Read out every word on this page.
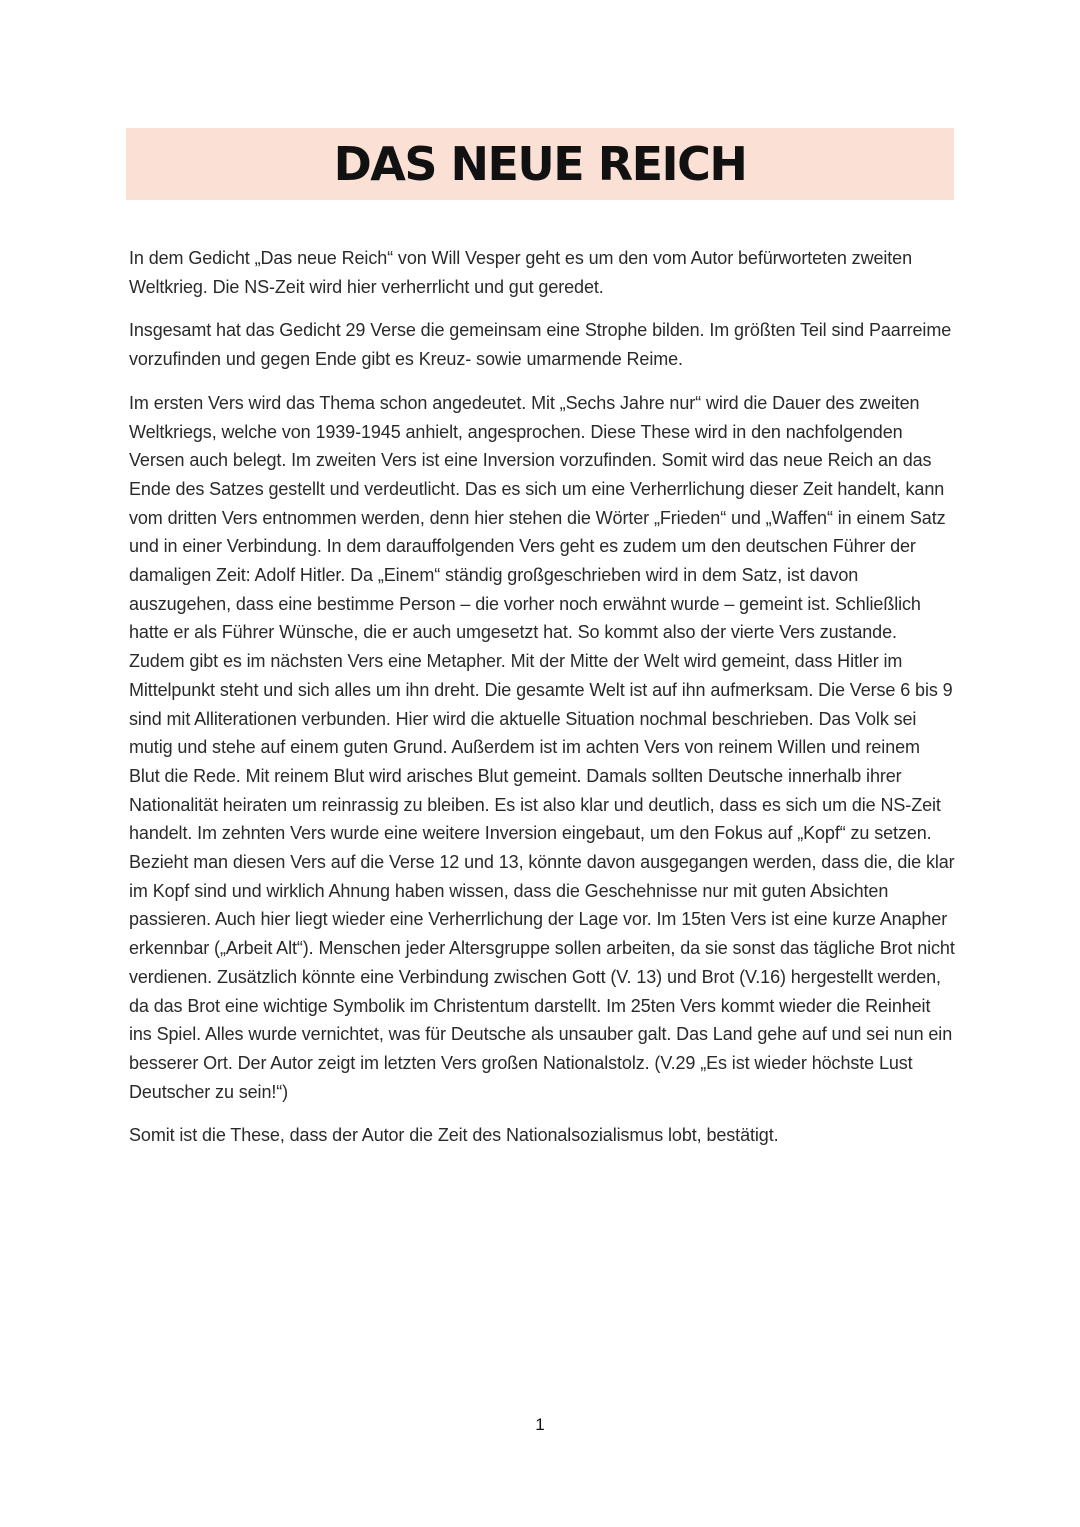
DAS NEUE REICH

In dem Gedicht „Das neue Reich“ von Will Vesper geht es um den vom Autor befürworteten zweiten Weltkrieg. Die NS-Zeit wird hier verherrlicht und gut geredet.

Insgesamt hat das Gedicht 29 Verse die gemeinsam eine Strophe bilden. Im größten Teil sind Paarreime vorzufinden und gegen Ende gibt es Kreuz- sowie umarmende Reime.

Im ersten Vers wird das Thema schon angedeutet. Mit „Sechs Jahre nur“ wird die Dauer des zweiten Weltkriegs, welche von 1939-1945 anhielt, angesprochen. Diese These wird in den nachfolgenden Versen auch belegt. Im zweiten Vers ist eine Inversion vorzufinden. Somit wird das neue Reich an das Ende des Satzes gestellt und verdeutlicht. Das es sich um eine Verherrlichung dieser Zeit handelt, kann vom dritten Vers entnommen werden, denn hier stehen die Wörter „Frieden“ und „Waffen“ in einem Satz und in einer Verbindung. In dem darauffolgenden Vers geht es zudem um den deutschen Führer der damaligen Zeit: Adolf Hitler. Da „Einem“ ständig großgeschrieben wird in dem Satz, ist davon auszugehen, dass eine bestimme Person – die vorher noch erwähnt wurde – gemeint ist. Schließlich hatte er als Führer Wünsche, die er auch umgesetzt hat. So kommt also der vierte Vers zustande. Zudem gibt es im nächsten Vers eine Metapher. Mit der Mitte der Welt wird gemeint, dass Hitler im Mittelpunkt steht und sich alles um ihn dreht. Die gesamte Welt ist auf ihn aufmerksam. Die Verse 6 bis 9 sind mit Alliterationen verbunden. Hier wird die aktuelle Situation nochmal beschrieben. Das Volk sei mutig und stehe auf einem guten Grund. Außerdem ist im achten Vers von reinem Willen und reinem Blut die Rede. Mit reinem Blut wird arisches Blut gemeint. Damals sollten Deutsche innerhalb ihrer Nationalität heiraten um reinrassig zu bleiben. Es ist also klar und deutlich, dass es sich um die NS-Zeit handelt. Im zehnten Vers wurde eine weitere Inversion eingebaut, um den Fokus auf „Kopf“ zu setzen. Bezieht man diesen Vers auf die Verse 12 und 13, könnte davon ausgegangen werden, dass die, die klar im Kopf sind und wirklich Ahnung haben wissen, dass die Geschehnisse nur mit guten Absichten passieren. Auch hier liegt wieder eine Verherrlichung der Lage vor. Im 15ten Vers ist eine kurze Anapher erkennbar („Arbeit Alt“). Menschen jeder Altersgruppe sollen arbeiten, da sie sonst das tägliche Brot nicht verdienen. Zusätzlich könnte eine Verbindung zwischen Gott (V. 13) und Brot (V.16) hergestellt werden, da das Brot eine wichtige Symbolik im Christentum darstellt. Im 25ten Vers kommt wieder die Reinheit ins Spiel. Alles wurde vernichtet, was für Deutsche als unsauber galt. Das Land gehe auf und sei nun ein besserer Ort. Der Autor zeigt im letzten Vers großen Nationalstolz. (V.29 „Es ist wieder höchste Lust Deutscher zu sein!“)

Somit ist die These, dass der Autor die Zeit des Nationalsozialismus lobt, bestätigt.

1
